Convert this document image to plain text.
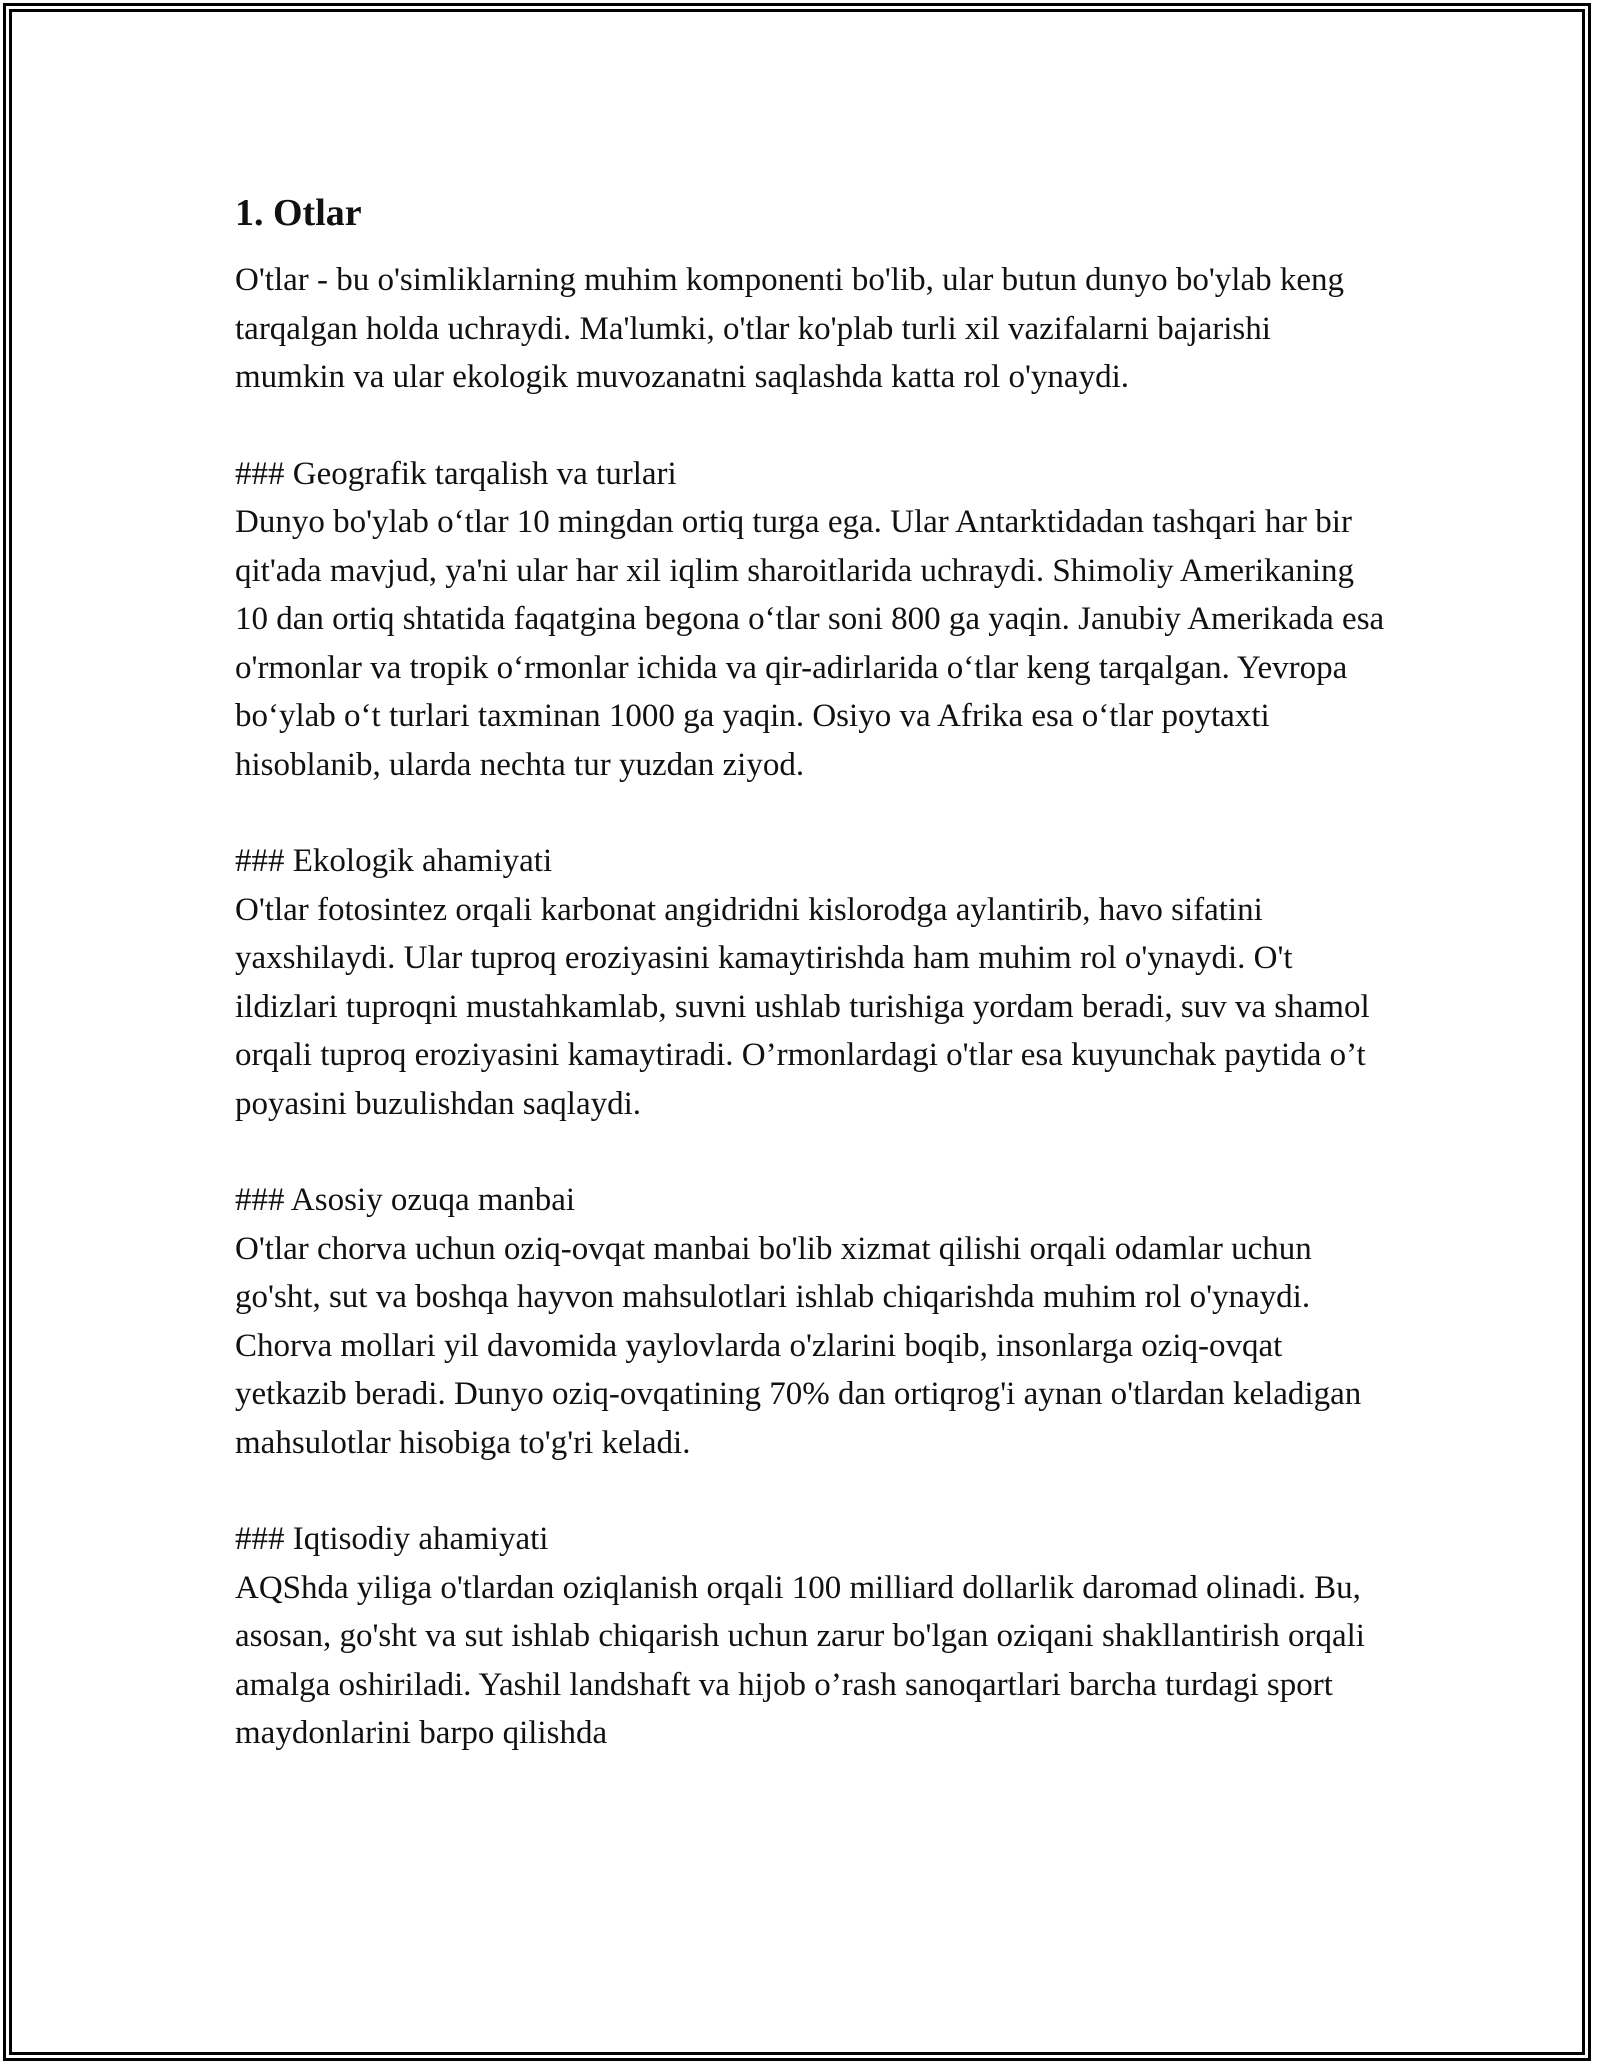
1. Otlar

O'tlar - bu o'simliklarning muhim komponenti bo'lib, ular butun dunyo bo'ylab keng tarqalgan holda uchraydi. Ma'lumki, o'tlar ko'plab turli xil vazifalarni bajarishi mumkin va ular ekologik muvozanatni saqlashda katta rol o'ynaydi.

### Geografik tarqalish va turlari

Dunyo bo'ylab o‘tlar 10 mingdan ortiq turga ega. Ular Antarktidadan tashqari har bir qit'ada mavjud, ya'ni ular har xil iqlim sharoitlarida uchraydi. Shimoliy Amerikaning 10 dan ortiq shtatida faqatgina begona o‘tlar soni 800 ga yaqin. Janubiy Amerikada esa o'rmonlar va tropik o‘rmonlar ichida va qir-adirlarida o‘tlar keng tarqalgan. Yevropa bo‘ylab o‘t turlari taxminan 1000 ga yaqin. Osiyo va Afrika esa o‘tlar poytaxti hisoblanib, ularda nechta tur yuzdan ziyod.

### Ekologik ahamiyati

O'tlar fotosintez orqali karbonat angidridni kislorodga aylantirib, havo sifatini yaxshilaydi. Ular tuproq eroziyasini kamaytirishda ham muhim rol o'ynaydi. O't ildizlari tuproqni mustahkamlab, suvni ushlab turishiga yordam beradi, suv va shamol orqali tuproq eroziyasini kamaytiradi. O’rmonlardagi o'tlar esa kuyunchak paytida o’t poyasini buzulishdan saqlaydi.

### Asosiy ozuqa manbai

O'tlar chorva uchun oziq-ovqat manbai bo'lib xizmat qilishi orqali odamlar uchun go'sht, sut va boshqa hayvon mahsulotlari ishlab chiqarishda muhim rol o'ynaydi. Chorva mollari yil davomida yaylovlarda o'zlarini boqib, insonlarga oziq-ovqat yetkazib beradi. Dunyo oziq-ovqatining 70% dan ortiqrog'i aynan o'tlardan keladigan mahsulotlar hisobiga to'g'ri keladi.

### Iqtisodiy ahamiyati

AQShda yiliga o'tlardan oziqlanish orqali 100 milliard dollarlik daromad olinadi. Bu, asosan, go'sht va sut ishlab chiqarish uchun zarur bo'lgan oziqani shakllantirish orqali amalga oshiriladi. Yashil landshaft va hijob o’rash sanoqartlari barcha turdagi sport maydonlarini barpo qilishda
